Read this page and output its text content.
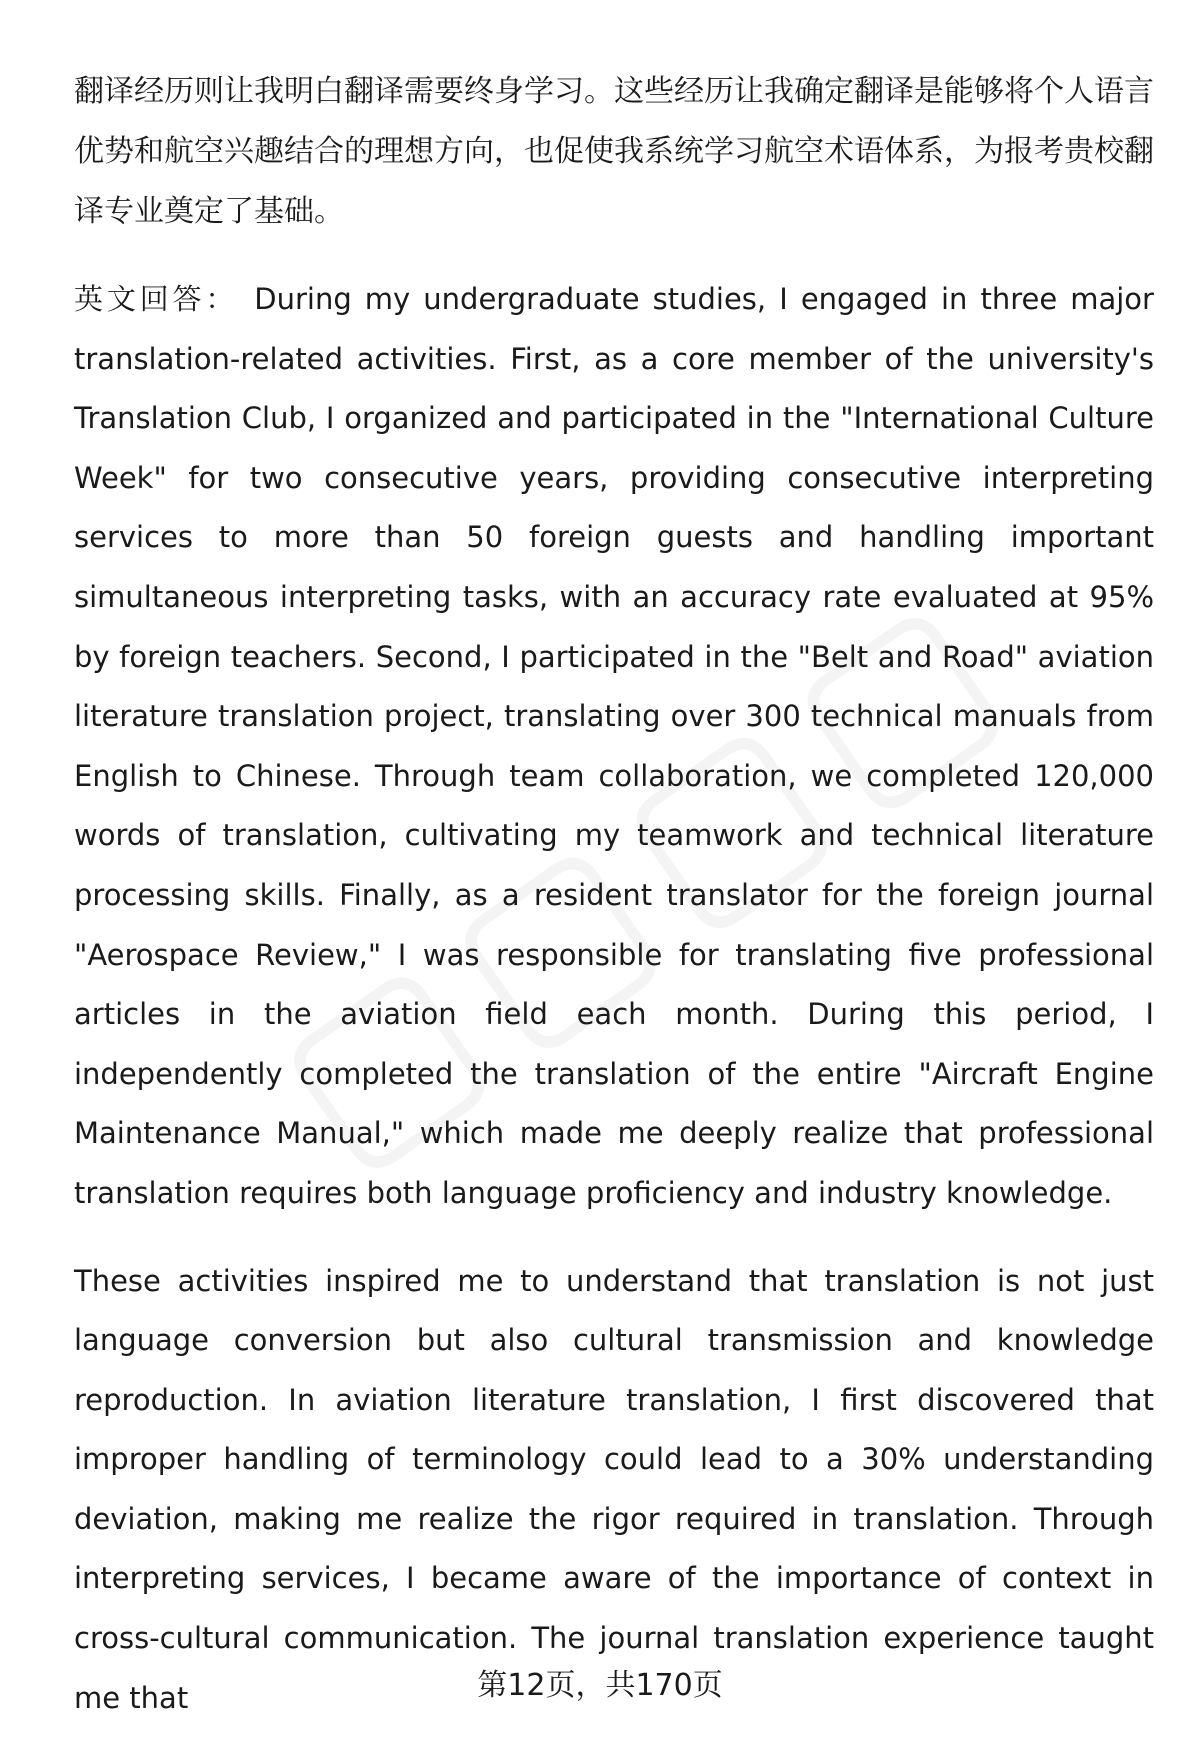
翻译经历则让我明白翻译需要终身学习。这些经历让我确定翻译是能够将个人语言优势和航空兴趣结合的理想方向，也促使我系统学习航空术语体系，为报考贵校翻译专业奠定了基础。

英文回答： During my undergraduate studies, I engaged in three major translation-related activities. First, as a core member of the university's Translation Club, I organized and participated in the "International Culture Week" for two consecutive years, providing consecutive interpreting services to more than 50 foreign guests and handling important simultaneous interpreting tasks, with an accuracy rate evaluated at 95% by foreign teachers. Second, I participated in the "Belt and Road" aviation literature translation project, translating over 300 technical manuals from English to Chinese. Through team collaboration, we completed 120,000 words of translation, cultivating my teamwork and technical literature processing skills. Finally, as a resident translator for the foreign journal "Aerospace Review," I was responsible for translating five professional articles in the aviation field each month. During this period, I independently completed the translation of the entire "Aircraft Engine Maintenance Manual," which made me deeply realize that professional translation requires both language proficiency and industry knowledge.

These activities inspired me to understand that translation is not just language conversion but also cultural transmission and knowledge reproduction. In aviation literature translation, I first discovered that improper handling of terminology could lead to a 30% understanding deviation, making me realize the rigor required in translation. Through interpreting services, I became aware of the importance of context in cross-cultural communication. The journal translation experience taught me that	第12页，共170页
